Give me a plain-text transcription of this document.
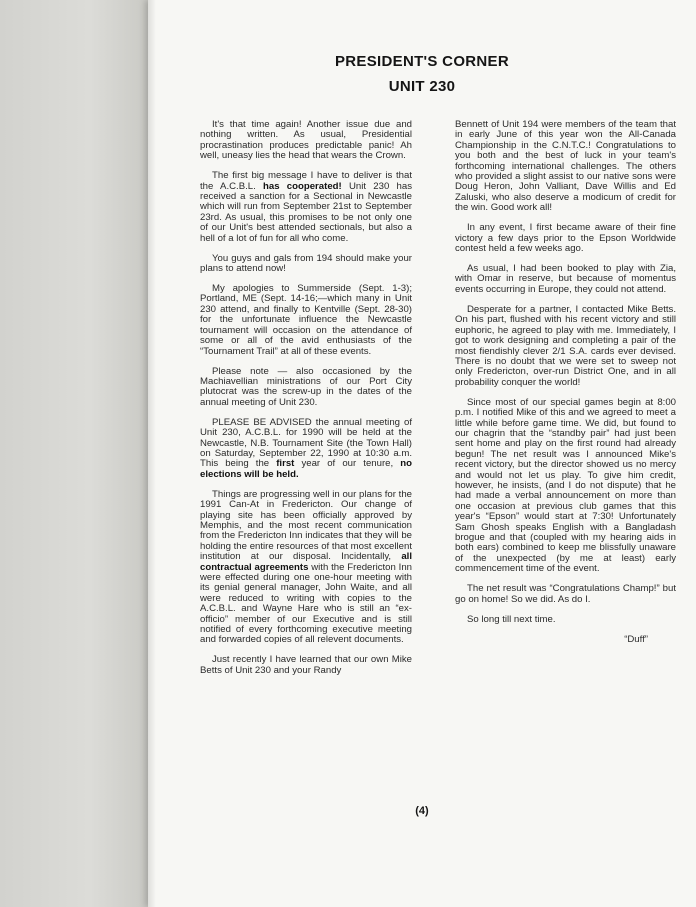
PRESIDENT'S CORNER
UNIT 230

It's that time again! Another issue due and nothing written. As usual, Presidential procrastination produces predictable panic! Ah well, uneasy lies the head that wears the Crown.

The first big message I have to deliver is that the A.C.B.L. has cooperated! Unit 230 has received a sanction for a Sectional in Newcastle which will run from September 21st to September 23rd. As usual, this promises to be not only one of our Unit's best attended sectionals, but also a hell of a lot of fun for all who come.

You guys and gals from 194 should make your plans to attend now!

My apologies to Summerside (Sept. 1-3); Portland, ME (Sept. 14-16;—which many in Unit 230 attend, and finally to Kentville (Sept. 28-30) for the unfortunate influence the Newcastle tournament will occasion on the attendance of some or all of the avid enthusiasts of the “Tournament Trail” at all of these events.

Please note — also occasioned by the Machiavellian ministrations of our Port City plutocrat was the screw-up in the dates of the annual meeting of Unit 230.

PLEASE BE ADVISED the annual meeting of Unit 230, A.C.B.L. for 1990 will be held at the Newcastle, N.B. Tournament Site (the Town Hall) on Saturday, September 22, 1990 at 10:30 a.m. This being the first year of our tenure, no elections will be held.

Things are progressing well in our plans for the 1991 Can-At in Fredericton. Our change of playing site has been officially approved by Memphis, and the most recent communication from the Fredericton Inn indicates that they will be holding the entire resources of that most excellent institution at our disposal. Incidentally, all contractual agreements with the Fredericton Inn were effected during one one-hour meeting with its genial general manager, John Waite, and all were reduced to writing with copies to the A.C.B.L. and Wayne Hare who is still an “ex-officio” member of our Executive and is still notified of every forthcoming executive meeting and forwarded copies of all relevent documents.

Just recently I have learned that our own Mike Betts of Unit 230 and your Randy

Bennett of Unit 194 were members of the team that in early June of this year won the All-Canada Championship in the C.N.T.C.! Congratulations to you both and the best of luck in your team's forthcoming international challenges. The others who provided a slight assist to our native sons were Doug Heron, John Valliant, Dave Willis and Ed Zaluski, who also deserve a modicum of credit for the win. Good work all!

In any event, I first became aware of their fine victory a few days prior to the Epson Worldwide contest held a few weeks ago.

As usual, I had been booked to play with Zia, with Omar in reserve, but because of momentus events occurring in Europe, they could not attend.

Desperate for a partner, I contacted Mike Betts. On his part, flushed with his recent victory and still euphoric, he agreed to play with me. Immediately, I got to work designing and completing a pair of the most fiendishly clever 2/1 S.A. cards ever devised. There is no doubt that we were set to sweep not only Fredericton, over-run District One, and in all probability conquer the world!

Since most of our special games begin at 8:00 p.m. I notified Mike of this and we agreed to meet a little while before game time. We did, but found to our chagrin that the “standby pair” had just been sent home and play on the first round had already begun! The net result was I announced Mike's recent victory, but the director showed us no mercy and would not let us play. To give him credit, however, he insists, (and I do not dispute) that he had made a verbal announcement on more than one occasion at previous club games that this year's “Epson” would start at 7:30! Unfortunately Sam Ghosh speaks English with a Bangladash brogue and that (coupled with my hearing aids in both ears) combined to keep me blissfully unaware of the unexpected (by me at least) early commencement time of the event.

The net result was “Congratulations Champ!” but go on home! So we did. As do I.

So long till next time.

“Duff”

(4)
